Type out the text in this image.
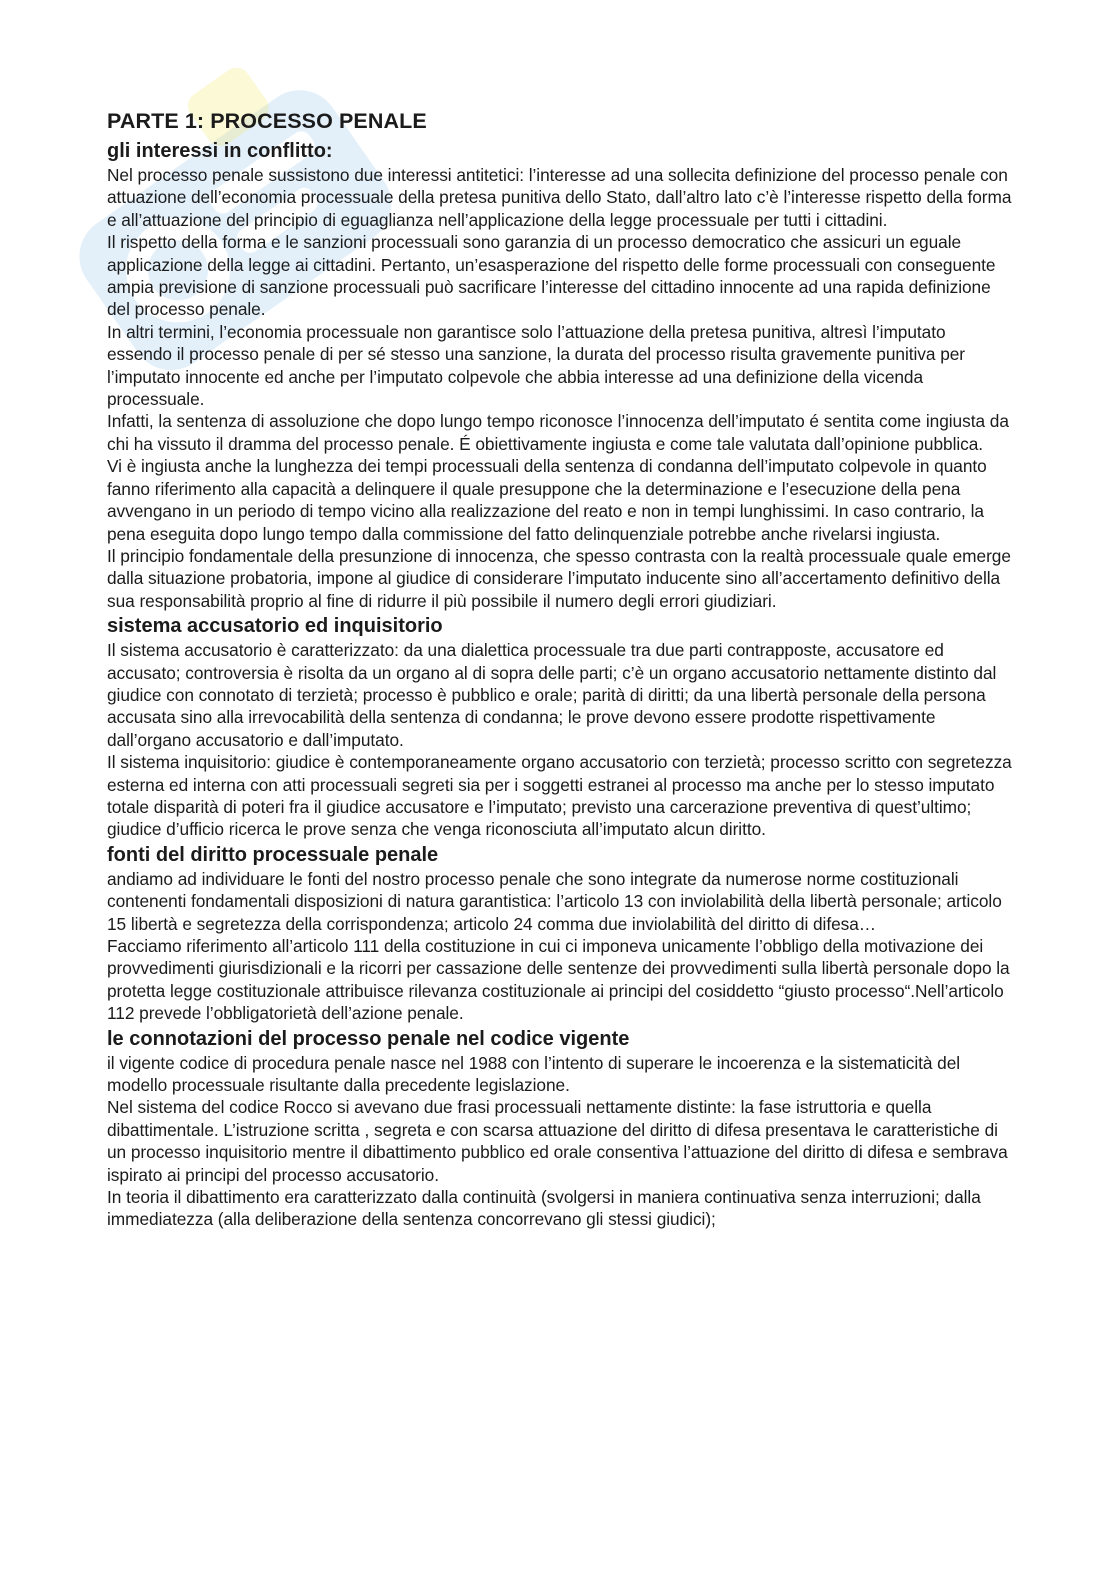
PARTE 1: PROCESSO PENALE
gli interessi in conflitto:

Nel processo penale sussistono due interessi antitetici: l’interesse ad una sollecita definizione del processo penale con attuazione dell’economia processuale della pretesa punitiva dello Stato, dall’altro lato c’è l’interesse rispetto della forma e all’attuazione del principio di eguaglianza nell’applicazione della legge processuale per tutti i cittadini.

Il rispetto della forma e le sanzioni processuali sono garanzia di un processo democratico che assicuri un eguale applicazione della legge ai cittadini. Pertanto, un’esasperazione del rispetto delle forme processuali con conseguente ampia previsione di sanzione processuali può sacrificare l’interesse del cittadino innocente ad una rapida definizione del processo penale.

In altri termini, l’economia processuale non garantisce solo l’attuazione della pretesa punitiva, altresì l’imputato essendo il processo penale di per sé stesso una sanzione, la durata del processo risulta gravemente punitiva per l’imputato innocente ed anche per l’imputato colpevole che abbia interesse ad una definizione della vicenda processuale.

Infatti, la sentenza di assoluzione che dopo lungo tempo riconosce l’innocenza dell’imputato é sentita come ingiusta da chi ha vissuto il dramma del processo penale. É obiettivamente ingiusta e come tale valutata dall’opinione pubblica.

Vi è ingiusta anche la lunghezza dei tempi processuali della sentenza di condanna dell’imputato colpevole in quanto fanno riferimento alla capacità a delinquere il quale presuppone che la determinazione e l’esecuzione della pena avvengano in un periodo di tempo vicino alla realizzazione del reato e non in tempi lunghissimi. In caso contrario, la pena eseguita dopo lungo tempo dalla commissione del fatto delinquenziale potrebbe anche rivelarsi ingiusta.

Il principio fondamentale della presunzione di innocenza, che spesso contrasta con la realtà processuale quale emerge dalla situazione probatoria, impone al giudice di considerare l’imputato inducente sino all’accertamento definitivo della sua responsabilità proprio al fine di ridurre il più possibile il numero degli errori giudiziari.

sistema accusatorio ed inquisitorio

Il sistema accusatorio è caratterizzato: da una dialettica processuale tra due parti contrapposte, accusatore ed accusato; controversia è risolta da un organo al di sopra delle parti; c’è un organo accusatorio nettamente distinto dal giudice con connotato di terzietà; processo è pubblico e orale; parità di diritti; da una libertà personale della persona accusata sino alla irrevocabilità della sentenza di condanna; le prove devono essere prodotte rispettivamente dall’organo accusatorio e dall’imputato.

Il sistema inquisitorio: giudice è contemporaneamente organo accusatorio con terzietà; processo scritto con segretezza esterna ed interna con atti processuali segreti sia per i soggetti estranei al processo ma anche per lo stesso imputato totale disparità di poteri fra il giudice accusatore e l’imputato; previsto una carcerazione preventiva di quest’ultimo; giudice d’ufficio ricerca le prove senza che venga riconosciuta all’imputato alcun diritto.

fonti del diritto processuale penale

andiamo ad individuare le fonti del nostro processo penale che sono integrate da numerose norme costituzionali contenenti fondamentali disposizioni di natura garantistica: l’articolo 13 con inviolabilità della libertà personale; articolo 15 libertà e segretezza della corrispondenza; articolo 24 comma due inviolabilità del diritto di difesa…

Facciamo riferimento all’articolo 111 della costituzione in cui ci imponeva unicamente l’obbligo della motivazione dei provvedimenti giurisdizionali e la ricorri per cassazione delle sentenze dei provvedimenti sulla libertà personale dopo la protetta legge costituzionale attribuisce rilevanza costituzionale ai principi del cosiddetto “giusto processo“.Nell’articolo 112 prevede l’obbligatorietà dell’azione penale.

le connotazioni del processo penale nel codice vigente

il vigente codice di procedura penale nasce nel 1988 con l’intento di superare le incoerenza e la sistematicità del modello processuale risultante dalla precedente legislazione.

Nel sistema del codice Rocco si avevano due frasi processuali nettamente distinte: la fase istruttoria e quella dibattimentale. L’istruzione scritta , segreta e con scarsa attuazione del diritto di difesa presentava le caratteristiche di un processo inquisitorio mentre il dibattimento pubblico ed orale consentiva l’attuazione del diritto di difesa e sembrava ispirato ai principi del processo accusatorio.

In teoria il dibattimento era caratterizzato dalla continuità (svolgersi in maniera continuativa senza interruzioni; dalla immediatezza (alla deliberazione della sentenza concorrevano gli stessi giudici);
